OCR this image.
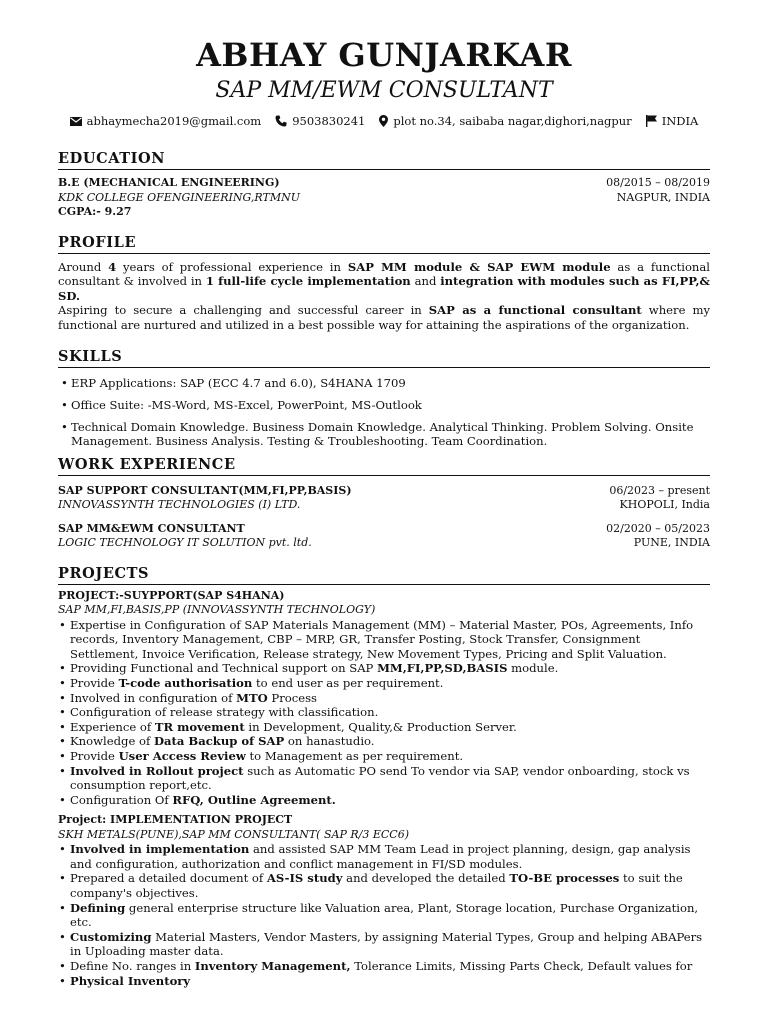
ABHAY GUNJARKAR
SAP MM/EWM CONSULTANT
abhaymecha2019@gmail.com	9503830241 plot no.34, saibaba nagar,dighori,nagpur	INDIA
EDUCATION
B.E (MECHANICAL ENGINEERING)
KDK COLLEGE OFENGINEERING,RTMNU
CGPA:- 9.27
08/2015 – 08/2019
NAGPUR, INDIA
PROFILE

Around 4 years of professional experience in SAP MM module & SAP EWM module as a functional consultant & involved in 1 full-life cycle implementation and integration with modules such as FI,PP,& SD.

Aspiring to secure a challenging and successful career in SAP as a functional consultant where my functional are nurtured and utilized in a best possible way for attaining the aspirations of the organization.

SKILLS
• ERP Applications: SAP (ECC 4.7 and 6.0), S4HANA 1709
• Office Suite: -MS-Word, MS-Excel, PowerPoint, MS-Outlook
• Technical Domain Knowledge. Business Domain Knowledge. Analytical Thinking. Problem Solving. Onsite Management. Business Analysis. Testing & Troubleshooting. Team Coordination.
WORK EXPERIENCE
SAP SUPPORT CONSULTANT(MM,FI,PP,BASIS)
INNOVASSYNTH TECHNOLOGIES (I) LTD.
06/2023 – present
KHOPOLI, India
SAP MM&EWM CONSULTANT
LOGIC TECHNOLOGY IT SOLUTION pvt. ltd.
02/2020 – 05/2023
PUNE, INDIA
PROJECTS
PROJECT:-SUYPPORT(SAP S4HANA)
SAP MM,FI,BASIS,PP (INNOVASSYNTH TECHNOLOGY)
• Expertise in Configuration of SAP Materials Management (MM) – Material Master, POs, Agreements, Info records, Inventory Management, CBP – MRP, GR, Transfer Posting, Stock Transfer, Consignment Settlement, Invoice Verification, Release strategy, New Movement Types, Pricing and Split Valuation.
• Providing Functional and Technical support on SAP MM,FI,PP,SD,BASIS module.
• Provide T-code authorisation to end user as per requirement.
• Involved in configuration of MTO Process
• Configuration of release strategy with classification.
• Experience of TR movement in Development, Quality,& Production Server.
• Knowledge of Data Backup of SAP on hanastudio.
• Provide User Access Review to Management as per requirement.
• Involved in Rollout project such as Automatic PO send To vendor via SAP, vendor onboarding, stock vs consumption report,etc.
• Configuration Of RFQ, Outline Agreement.
Project: IMPLEMENTATION PROJECT
SKH METALS(PUNE),SAP MM CONSULTANT( SAP R/3 ECC6)
• Involved in implementation and assisted SAP MM Team Lead in project planning, design, gap analysis and configuration, authorization and conflict management in FI/SD modules.
• Prepared a detailed document of AS-IS study and developed the detailed TO-BE processes to suit the company's objectives.
• Defining general enterprise structure like Valuation area, Plant, Storage location, Purchase Organization, etc.
• Customizing Material Masters, Vendor Masters, by assigning Material Types, Group and helping ABAPers in Uploading master data.
• Define No. ranges in Inventory Management, Tolerance Limits, Missing Parts Check, Default values for
• Physical Inventory
